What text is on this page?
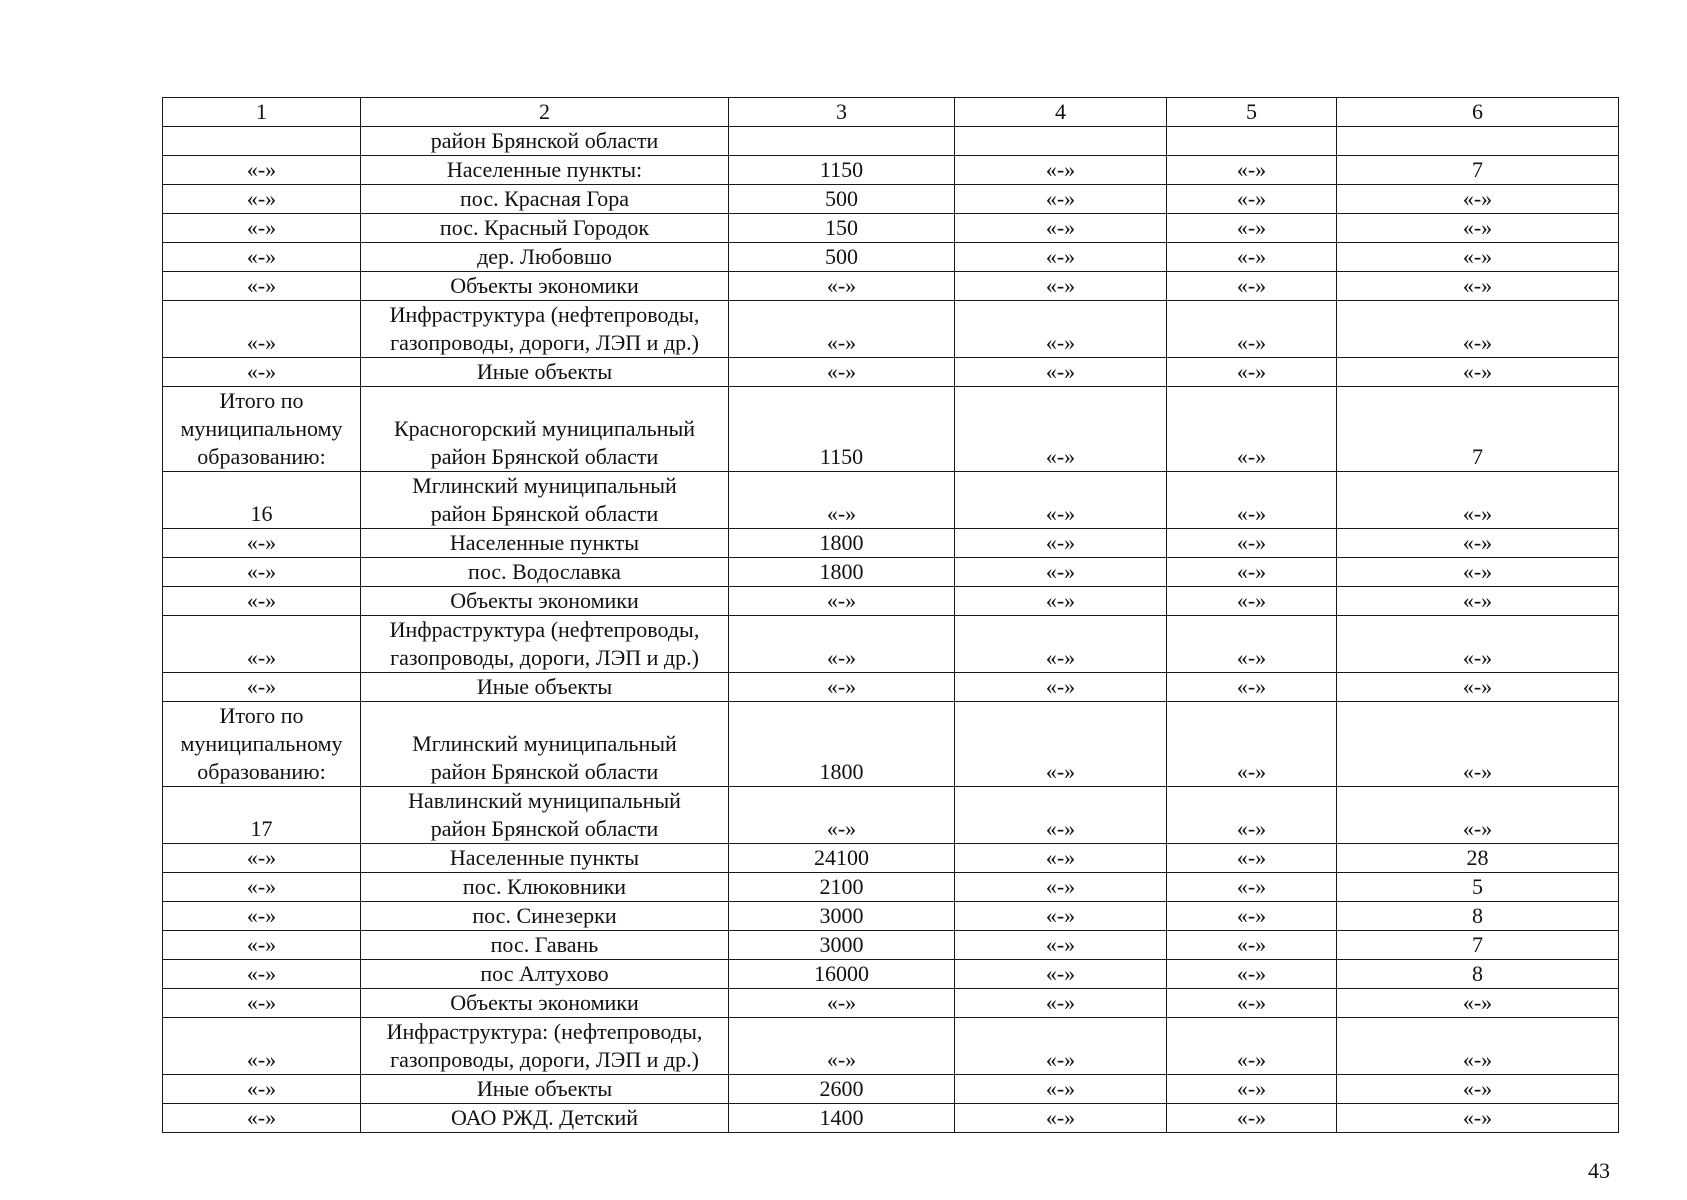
1	2	3	4	5	6
	район Брянской области				
«-»	Населенные пункты:	1150	«-»	«-»	7
«-»	пос. Красная Гора	500	«-»	«-»	«-»
«-»	пос. Красный Городок	150	«-»	«-»	«-»
«-»	дер. Любовшо	500	«-»	«-»	«-»
«-»	Объекты экономики	«-»	«-»	«-»	«-»
«-»	Инфраструктура (нефтепроводы,
газопроводы, дороги, ЛЭП и др.)	«-»	«-»	«-»	«-»
«-»	Иные объекты	«-»	«-»	«-»	«-»
Итого по
муниципальному
образованию:	Красногорский муниципальный
район Брянской области	1150	«-»	«-»	7
16	Мглинский муниципальный
район Брянской области	«-»	«-»	«-»	«-»
«-»	Населенные пункты	1800	«-»	«-»	«-»
«-»	пос. Водославка	1800	«-»	«-»	«-»
«-»	Объекты экономики	«-»	«-»	«-»	«-»
«-»	Инфраструктура (нефтепроводы,
газопроводы, дороги, ЛЭП и др.)	«-»	«-»	«-»	«-»
«-»	Иные объекты	«-»	«-»	«-»	«-»
Итого по
муниципальному
образованию:	Мглинский муниципальный
район Брянской области	1800	«-»	«-»	«-»
17	Навлинский муниципальный
район Брянской области	«-»	«-»	«-»	«-»
«-»	Населенные пункты	24100	«-»	«-»	28
«-»	пос. Клюковники	2100	«-»	«-»	5
«-»	пос. Синезерки	3000	«-»	«-»	8
«-»	пос. Гавань	3000	«-»	«-»	7
«-»	пос Алтухово	16000	«-»	«-»	8
«-»	Объекты экономики	«-»	«-»	«-»	«-»
«-»	Инфраструктура: (нефтепроводы,
газопроводы, дороги, ЛЭП и др.)	«-»	«-»	«-»	«-»
«-»	Иные объекты	2600	«-»	«-»	«-»
«-»	ОАО РЖД. Детский	1400	«-»	«-»	«-»
43
